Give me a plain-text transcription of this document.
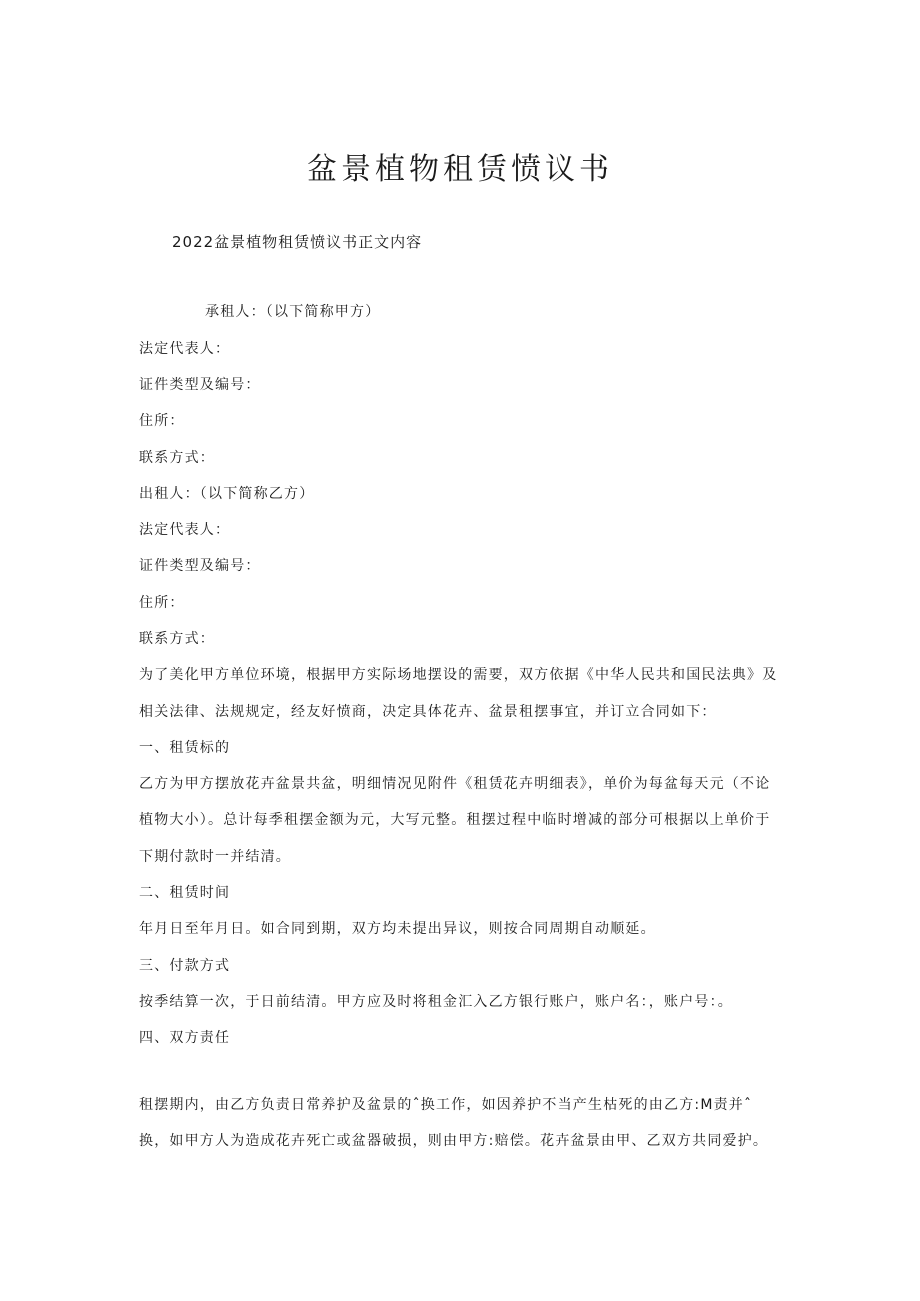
盆景植物租赁愤议书
2022盆景植物租赁愤议书正文内容
承租人：（以下简称甲方）
法定代表人：
证件类型及编号：
住所：
联系方式：
出租人：（以下简称乙方）
法定代表人：
证件类型及编号：
住所：
联系方式：
为了美化甲方单位环境，根据甲方实际场地摆设的需要，双方依据《中华人民共和国民法典》及
相关法律、法规规定，经友好愤商，决定具体花卉、盆景租摆事宜，并订立合同如下：
一、租赁标的
乙方为甲方摆放花卉盆景共盆，明细情况见附件《租赁花卉明细表》，单价为每盆每天元（不论
植物大小）。总计每季租摆金额为元，大写元整。租摆过程中临时增减的部分可根据以上单价于
下期付款时一并结清。
二、租赁时间
年月日至年月日。如合同到期，双方均未提出异议，则按合同周期自动顺延。
三、付款方式
按季结算一次，于日前结清。甲方应及时将租金汇入乙方银行账户，账户名：，账户号：。
四、双方责任
租摆期内，由乙方负责日常养护及盆景的ˆ换工作，如因养护不当产生枯死的由乙方:M责并ˆ
换，如甲方人为造成花卉死亡或盆器破损，则由甲方:赔偿。花卉盆景由甲、乙双方共同爱护。
